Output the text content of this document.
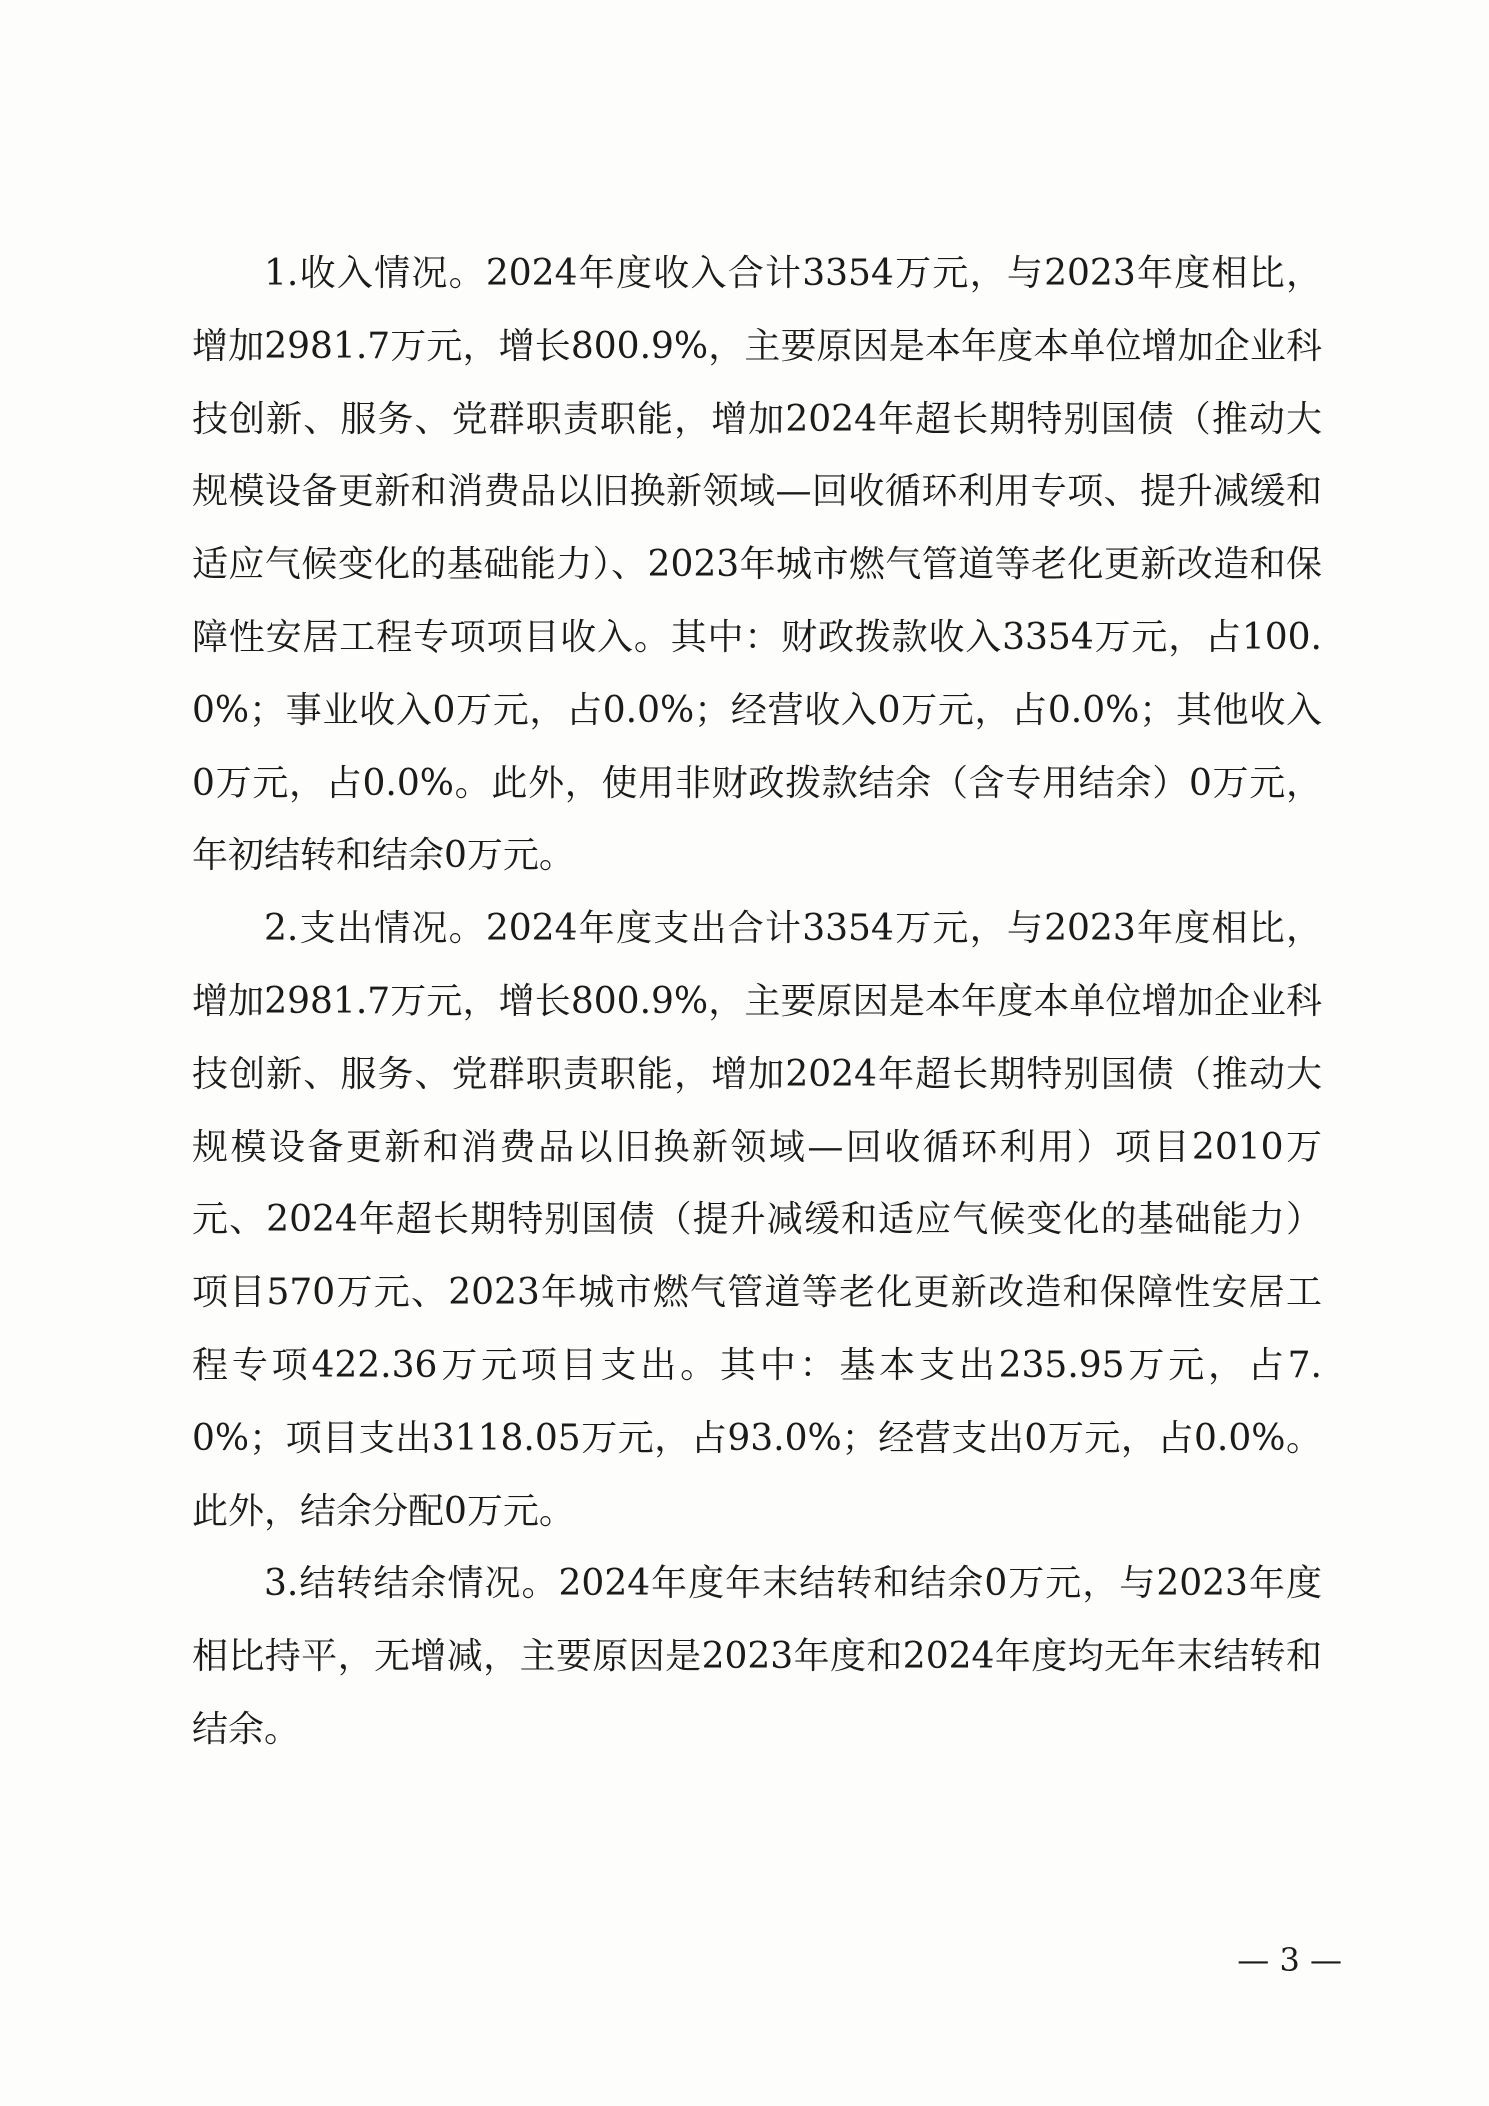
1.收入情况。2024年度收入合计3354万元，与2023年度相比，增加2981.7万元，增长800.9%，主要原因是本年度本单位增加企业科技创新、服务、党群职责职能，增加2024年超长期特别国债（推动大规模设备更新和消费品以旧换新领域—回收循环利用专项、提升减缓和适应气候变化的基础能力）、2023年城市燃气管道等老化更新改造和保障性安居工程专项项目收入。其中：财政拨款收入3354万元，占100.0%；事业收入0万元，占0.0%；经营收入0万元，占0.0%；其他收入0万元，占0.0%。此外，使用非财政拨款结余（含专用结余）0万元，年初结转和结余0万元。

2.支出情况。2024年度支出合计3354万元，与2023年度相比，增加2981.7万元，增长800.9%，主要原因是本年度本单位增加企业科技创新、服务、党群职责职能，增加2024年超长期特别国债（推动大规模设备更新和消费品以旧换新领域—回收循环利用）项目2010万元、2024年超长期特别国债（提升减缓和适应气候变化的基础能力）项目570万元、2023年城市燃气管道等老化更新改造和保障性安居工程专项422.36万元项目支出。其中：基本支出235.95万元，占7.0%；项目支出3118.05万元，占93.0%；经营支出0万元，占0.0%。此外，结余分配0万元。

3.结转结余情况。2024年度年末结转和结余0万元，与2023年度相比持平，无增减，主要原因是2023年度和2024年度均无年末结转和结余。

— 3 —
